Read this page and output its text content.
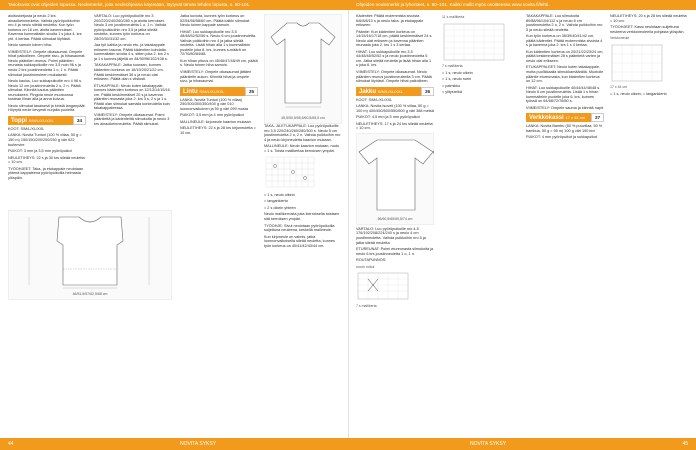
Tasokuviot ovat ohjeiden lopussa. Neulemerkit, joita neuleohjeissa käytetään, löytyvät tämän lehden lopusta, s. 90-101.	Ohjeiden neulemerkit ja lyhenteet, s. 90–101. Kaikki mallit myös osoitteessa www.novita.fi/lehti.

aloitusketjusta ja neulo 2 krs ainaoikeinneuletta. Vaihda pyöröpuikkoihin nro 4 ja neulo sileää neuletta. Kun työn korkeus on 16 cm, aloita kavennukset. Kavenna kummaltakin sivulta 1 s joka 4. krs yht. 4 kertaa. Päätä silmukat löyhästi.

Neulo samoin toinen hiha.

VIIMEISTELY: Ompele olkasaumat. Ompele hihat paikoilleen. Ompele sivu- ja hihasaumat. Neulo pääntien reunus. Poimi pääntien reunasta sukkapuikoille nro 3,5 noin 96 s ja neulo 2 krs joustinneuletta 1 o, 1 n. Päätä silmukat joustinneuleen mukaisesti.

Neulo kaulus. Luo sukkapuikoille nro 4 96 s. Neulo 12 cm joustinneuletta 2 o, 2 n. Päätä silmukat. Kiinnitä kaulus pääntien reunukseen. Pingota neule muotoonsa kostean liinan alla ja anna kuivua.

Neulo silmukat tasaisesti ja kiristä langanpäät. Höyrytä neule kevyesti nurjalta puolelta.

Toppi S/M/L/XL/XXL	34

KOOT: S/M/L/XL/XXL

LANKA: Novita Tunturi (100 % villaa, 50 g = 150 m) 150/150/200/200/250 g väri 622 tuulenvire

PUIKOT: 3 mm ja 3,5 mm pyöröpuikot

NEULETIHEYS: 22 s ja 30 krs sileää neuletta = 10 cm.

TYÖOHJEET: Taka- ja etukappale neulotaan yhtenä kappaleena pyöröpuikoilla helmasta ylöspäin.

VARTALO: Luo pyöröpuikoille nro 3 200/220/240/260/280 s ja aloita kerrokset. Neulo 3 cm joustinneuletta 1 o, 1 n. Vaihda pyöröpuikkoihin nro 3,5 ja jatka sileää neuletta, kunnes työn korkeus on 28/29/30/31/32 cm.

Jaa työ kahtia ja neulo etu- ja takakappale erikseen tasona. Päätä kädentien kohdalta kummaltakin sivulta 4 s, sitten joka 2. krs 2 s ja 1 s kunnes jäljellä on 84/90/96/102/108 s.

TAKAKAPPALE: Jatka suoraan, kunnes kädentien korkeus on 18/19/20/21/22 cm. Päätä keskimmäiset 36 s ja neulo olat erikseen. Päätä olan s viistosti.

ETUKAPPALE: Neulo kuten takakappale, kunnes kädentien korkeus on 12/13/14/15/16 cm. Päätä keskimmäiset 20 s ja kavenna pääntien reunasta joka 2. krs 3 s, 2 s ja 1 s. Päätä olan silmukat samalla korkeudella kuin takakappaleessa.

VIIMEISTELY: Ompele olkasaumat. Poimi pääntieltä ja kädenteiltä silmukoita ja neulo 3 krs ainaoikeinneuletta. Päätä silmukat.

46/51,5/57/62,5/68 cm

Jatka kuviota, kunnes työn korkeus on 52/54/56/58/60 cm. Päätä kaikki silmukat. Neulo toinen kappale samoin.

HIHAT: Luo sukkapuikoille nro 3,5 48/48/52/52/56 s. Neulo 6 cm joustinneuletta. Vaihda puikkoihin nro 4 ja jatka sileää neuletta. Lisää hihan alla 1 s kummallekin puolelle joka 8. krs, kunnes s-määrä on 72/76/80/84/88.

Kun hihan pituus on 45/46/47/48/49 cm, päätä s. Neulo toinen hiha samoin.

VIIMEISTELY: Ompele olkasaumat jättäen pääntielle aukon. Kiinnitä hihat ja ompele sivu- ja hihasaumat.

Lintu S/M/L/XL/XXL	35

LANKA: Novita Tunturi (100 % villaa) 250/300/300/350/400 g väri 010 luonnonvalkoinen ja 50 g väri 099 musta

PUIKOT: 3,5 mm ja 4 mm pyöröpuikot

MALLINEULE: kirjoneule kaavion mukaan

NEULETIHEYS: 22 s ja 28 krs kirjoneuletta = 10 cm.

45,5/50,5/55,5/60,5/65,5 cm

TAKA- JA ETUKAPPALE: Luo pyöröpuikoille nro 3,5 220/240/260/280/300 s. Neulo 5 cm joustinneuletta 2 o, 2 n. Vaihda puikkoihin nro 4 ja neulo kirjoneuletta kaavion mukaan.

MALLINEULE: Neulo kaavion mukaan, ruutu = 1 s. Toista mallikertaa kerroksen ympäri.

= 1 s, neulo oikein

= langankierto

= 2 s oikein yhteen

Neulo mallikerrosta joka kierroksella toistaen sitä kerroksen ympäri.

TYÖOHJE: Sivut neulotaan pyöröpuikoilla suljettuna neuleena, keskellä mallineule.

Kun kirjoneule on valmis, jatka luonnonvalkoisella sileää neuletta, kunnes työn korkeus on 40/41/42/43/44 cm.

Kädentiet: Päätä molemmista sivuista 6/6/8/8/10 s ja neulo taka- ja etukappale erikseen.

Pääntie: Kun kädentien korkeus on 14/15/16/17/18 cm, päätä keskimmäiset 24 s. Neulo olat erikseen ja kavenna pääntien reunasta joka 2. krs 1 s 3 kertaa.

HIHAT: Luo sukkapuikoille nro 3,5 44/48/48/52/52 s ja neulo joustinneuletta 5 cm. Jatka sileää neuletta ja lisää hihan alla 1 s joka 6. krs.

VIIMEISTELY: Ompele olkasaumat. Neulo pääntien reunus joustinneuleella 3 cm. Päätä silmukat löyhästi. Ompele hihat paikoilleen.

Jakku S/M/L/XL/XXL	36

KOOT: S/M/L/XL/XXL

LANKA: Novita Isoveli (100 % villaa, 50 g = 100 m) 400/450/500/550/600 g väri 388 metsä

PUIKOT: 4,5 mm ja 5 mm pyöröpuikot

NEULETIHEYS: 17 s ja 24 krs sileää neuletta = 10 cm.

56/60,5/65/69,5/74 cm

VARTALO: Luo pyöröpuikoille nro 4,5 176/192/208/224/240 s ja neulo 4 cm joustinneuletta. Vaihda puikkoihin nro 5 ja jatka sileää neuletta.

ETUREUNAT: Poimi etureunasta silmukoita ja neulo 6 krs joustinneuletta 1 o, 1 n.

ROUTAPUNNOS:

nuorn roikui
7 s mallikerta
11 s mallikerta
7 s mallikerta

= 1 s, neulo oikein

= 1 s, neulo nurin

= palmikko

= ylitysreikä

TAKAKAPPALE: Luo silmukoita 80/88/96/104/112 s ja neulo 6 cm joustinneuletta 2 o, 2 n. Vaihda puikkoihin nro 5 ja neulo sileää neuletta.

Kun työn korkeus on 38/39/40/41/42 cm, päätä kädentiet. Päätä molemmista sivuista 4 s ja kavenna joka 2. krs 1 s 4 kertaa.

Kun kädentien korkeus on 20/21/22/23/24 cm, päätä keskimmäiset 28 s pääntietä varten ja neulo olat erikseen.

ETUKAPPALEET: Neulo kuten takakappale, mutta puolikkaalla silmukkamäärällä. Muotoile pääntie etureunasta, kun kädentien korkeus on 12 cm.

HIHAT: Luo sukkapuikoille 40/44/44/48/48 s. Neulo 6 cm joustinneuletta. Lisää 1 s hihan kummallekin puolelle joka 6. krs, kunnes työssä on 64/68/72/76/80 s.

VIIMEISTELY: Ompele sauma ja kiinnitä napit.

Verkkokassi 17 x 44 cm	37

LANKA: Novita Bambu (50 % puuvillaa, 50 % bambua, 50 g = 95 m) 100 g väri 190 kivi

PUIKOT: 4 mm pyöröpuikot ja sukkapuikot

NEULETIHEYS: 20 s ja 28 krs sileää neuletta = 10 cm.

TYÖOHJEET: Kassi neulotaan suljettuna neuleena verkkoneuleella pohjasta ylöspäin.

Verkkoneule
17 x 44 cm

= 1 s, neulo oikein; = langankierto

44	NOVITA SYKSY	NOVITA SYKSY	45
